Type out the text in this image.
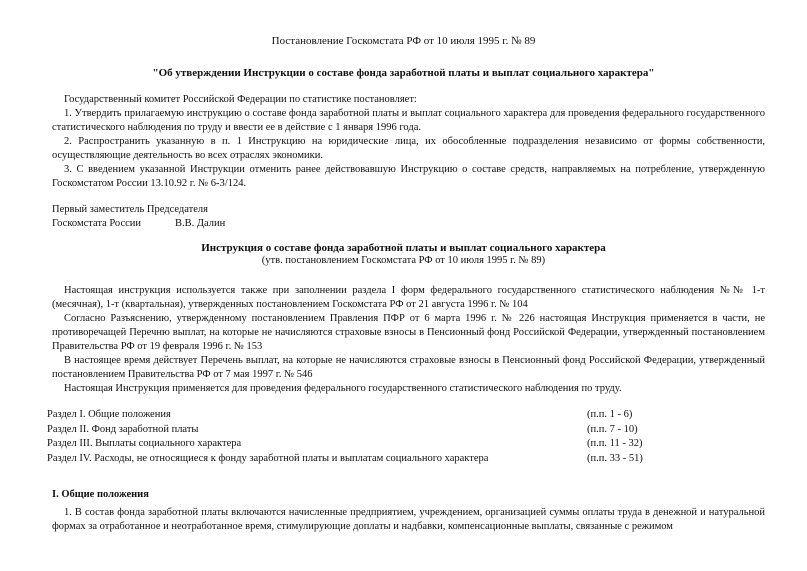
Постановление Госкомстата РФ от 10 июля 1995 г. № 89
"Об утверждении Инструкции о составе фонда заработной платы и выплат социального характера"

Государственный комитет Российской Федерации по статистике постановляет:

1. Утвердить прилагаемую инструкцию о составе фонда заработной платы и выплат социального характера для проведения федерального государственного статистического наблюдения по труду и ввести ее в действие с 1 января 1996 года.

2. Распространить указанную в п. 1 Инструкцию на юридические лица, их обособленные подразделения независимо от формы собственности, осуществляющие деятельность во всех отраслях экономики.

3. С введением указанной Инструкции отменить ранее действовавшую Инструкцию о составе средств, направляемых на потребление, утвержденную Госкомстатом России 13.10.92 г. № 6-3/124.

Первый заместитель Председателя

Госкомстата России	В.В. Далин
Инструкция о составе фонда заработной платы и выплат социального характера
(утв. постановлением Госкомстата РФ от 10 июля 1995 г. № 89)

Настоящая инструкция используется также при заполнении раздела I форм федерального государственного статистического наблюдения №№ 1-т (месячная), 1-т (квартальная), утвержденных постановлением Госкомстата РФ от 21 августа 1996 г. № 104

Согласно Разъяснению, утвержденному постановлением Правления ПФР от 6 марта 1996 г. № 226 настоящая Инструкция применяется в части, не противоречащей Перечню выплат, на которые не начисляются страховые взносы в Пенсионный фонд Российской Федерации, утвержденный постановлением Правительства РФ от 19 февраля 1996 г. № 153

В настоящее время действует Перечень выплат, на которые не начисляются страховые взносы в Пенсионный фонд Российской Федерации, утвержденный постановлением Правительства РФ от 7 мая 1997 г. № 546

Настоящая Инструкция применяется для проведения федерального государственного статистического наблюдения по труду.

Раздел I. Общие положения	(п.п. 1 - 6)
Раздел II. Фонд заработной платы	(п.п. 7 - 10)
Раздел III. Выплаты социального характера	(п.п. 11 - 32)
Раздел IV. Расходы, не относящиеся к фонду заработной платы и выплатам социального характера	(п.п. 33 - 51)
I. Общие положения

1. В состав фонда заработной платы включаются начисленные предприятием, учреждением, организацией суммы оплаты труда в денежной и натуральной формах за отработанное и неотработанное время, стимулирующие доплаты и надбавки, компенсационные выплаты, связанные с режимом
